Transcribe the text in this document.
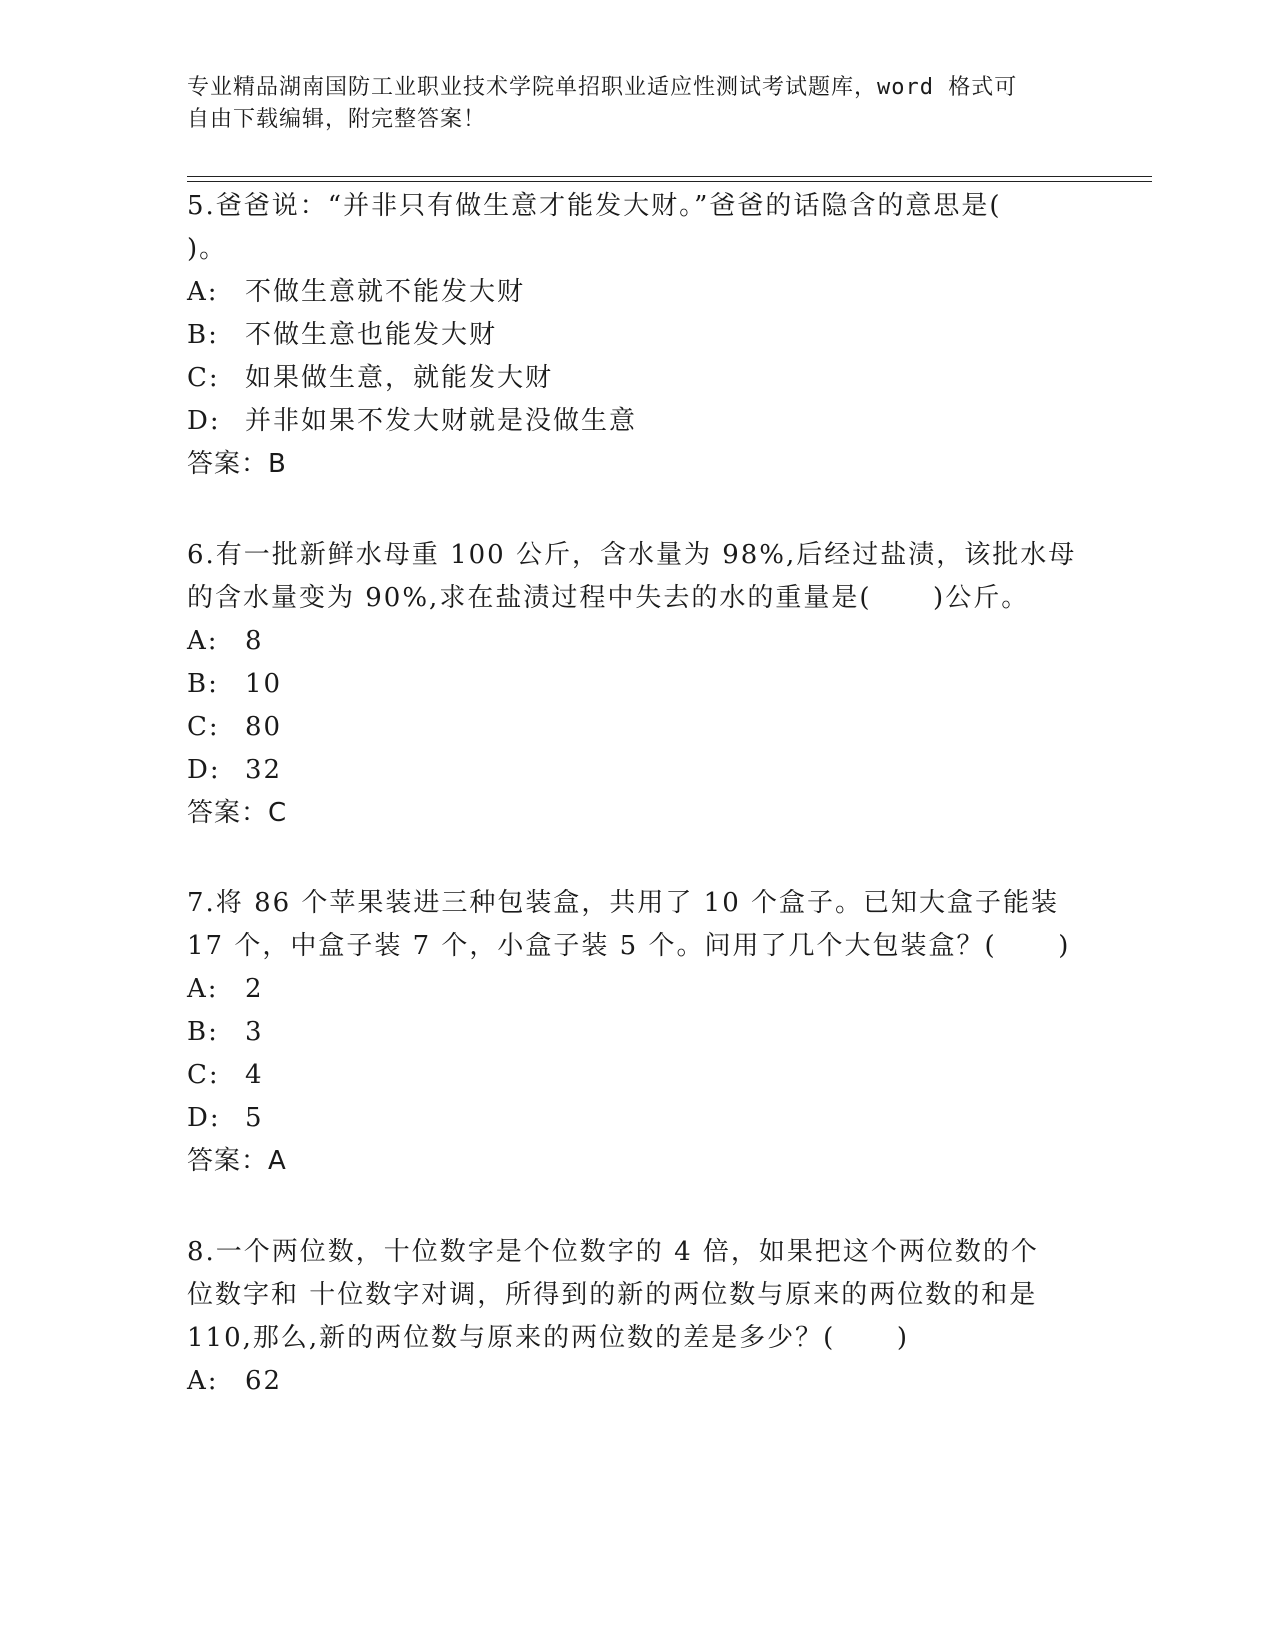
专业精品湖南国防工业职业技术学院单招职业适应性测试考试题库，word 格式可
自由下载编辑，附完整答案！
5.爸爸说：“并非只有做生意才能发大财。”爸爸的话隐含的意思是(
)。
A: 不做生意就不能发大财
B: 不做生意也能发大财
C: 如果做生意，就能发大财
D: 并非如果不发大财就是没做生意
答案：B
6.有一批新鲜水母重 100 公斤，含水量为 98%,后经过盐渍，该批水母
的含水量变为 90%,求在盐渍过程中失去的水的重量是(      )公斤。
A: 8
B: 10
C: 80
D: 32
答案：C
7.将 86 个苹果装进三种包装盒，共用了 10 个盒子。已知大盒子能装
17 个，中盒子装 7 个，小盒子装 5 个。问用了几个大包装盒？(      )
A: 2
B: 3
C: 4
D: 5
答案：A
8.一个两位数，十位数字是个位数字的 4 倍，如果把这个两位数的个
位数字和 十位数字对调，所得到的新的两位数与原来的两位数的和是
110,那么,新的两位数与原来的两位数的差是多少？(      )
A: 62
